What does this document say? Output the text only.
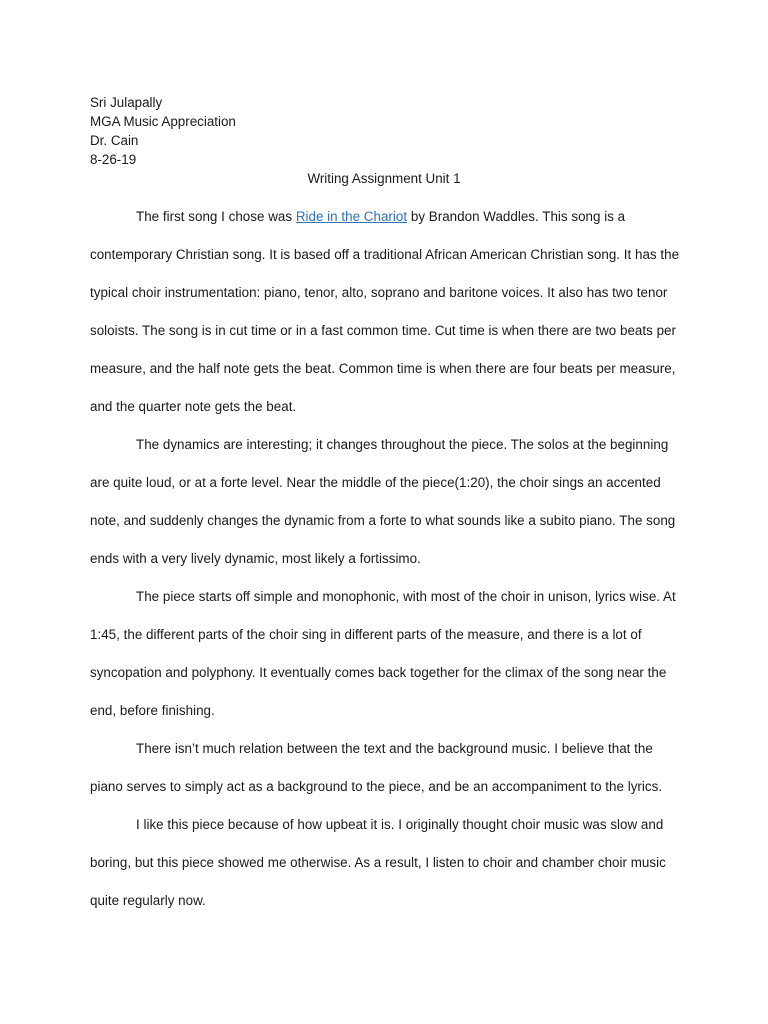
Sri Julapally
MGA Music Appreciation
Dr. Cain
8-26-19
Writing Assignment Unit 1

The first song I chose was Ride in the Chariot by Brandon Waddles. This song is a contemporary Christian song. It is based off a traditional African American Christian song. It has the typical choir instrumentation: piano, tenor, alto, soprano and baritone voices. It also has two tenor soloists. The song is in cut time or in a fast common time. Cut time is when there are two beats per measure, and the half note gets the beat. Common time is when there are four beats per measure, and the quarter note gets the beat.

The dynamics are interesting; it changes throughout the piece. The solos at the beginning are quite loud, or at a forte level. Near the middle of the piece(1:20), the choir sings an accented note, and suddenly changes the dynamic from a forte to what sounds like a subito piano. The song ends with a very lively dynamic, most likely a fortissimo.

The piece starts off simple and monophonic, with most of the choir in unison, lyrics wise. At 1:45, the different parts of the choir sing in different parts of the measure, and there is a lot of syncopation and polyphony. It eventually comes back together for the climax of the song near the end, before finishing.

There isn’t much relation between the text and the background music. I believe that the piano serves to simply act as a background to the piece, and be an accompaniment to the lyrics.

I like this piece because of how upbeat it is. I originally thought choir music was slow and boring, but this piece showed me otherwise. As a result, I listen to choir and chamber choir music quite regularly now.
